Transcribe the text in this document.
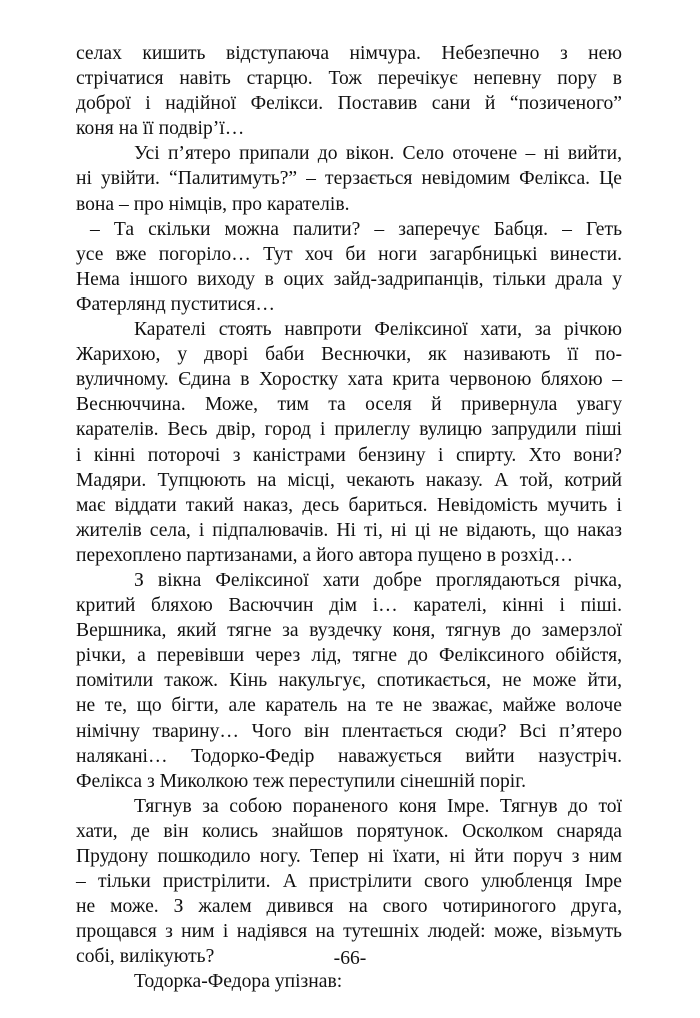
селах кишить відступаюча німчура. Небезпечно з нею
стрічатися навіть старцю. Тож перечікує непевну пору в
доброї і надійної Фелікси. Поставив сани й “позиченого”
коня на її подвір’ї…
Усі п’ятеро припали до вікон. Село оточене – ні вийти,
ні увійти. “Палитимуть?” – терзається невідомим Фелікса. Це
вона – про німців, про карателів.
– Та скільки можна палити? – заперечує Бабця. – Геть
усе вже погоріло… Тут хоч би ноги загарбницькі винести.
Нема іншого виходу в оцих зайд-задрипанців, тільки драла у
Фатерлянд пуститися…
Карателі стоять навпроти Феліксиної хати, за річкою
Жарихою, у дворі баби Веснючки, як називають її по-
вуличному. Єдина в Хоростку хата крита червоною бляхою –
Веснюччина. Може, тим та оселя й привернула увагу
карателів. Весь двір, город і прилеглу вулицю запрудили піші
і кінні поторочі з каністрами бензину і спирту. Хто вони?
Мадяри. Тупцюють на місці, чекають наказу. А той, котрий
має віддати такий наказ, десь бариться. Невідомість мучить і
жителів села, і підпалювачів. Ні ті, ні ці не відають, що наказ
перехоплено партизанами, а його автора пущено в розхід…
З вікна Феліксиної хати добре проглядаються річка,
критий бляхою Васюччин дім і… карателі, кінні і піші.
Вершника, який тягне за вуздечку коня, тягнув до замерзлої
річки, а перевівши через лід, тягне до Феліксиного обійстя,
помітили також. Кінь накульгує, спотикається, не може йти,
не те, що бігти, але каратель на те не зважає, майже волоче
німічну тварину… Чого він плентається сюди? Всі п’ятеро
налякані… Тодорко-Федір наважується вийти назустріч.
Фелікса з Миколкою теж переступили сінешній поріг.
Тягнув за собою пораненого коня Імре. Тягнув до тої
хати, де він колись знайшов порятунок. Осколком снаряда
Прудону пошкодило ногу. Тепер ні їхати, ні йти поруч з ним
– тільки пристрілити. А пристрілити свого улюбленця Імре
не може. З жалем дивився на свого чотириногого друга,
прощався з ним і надіявся на тутешніх людей: може, візьмуть
собі, вилікують?
Тодорка-Федора упізнав:
-66-
